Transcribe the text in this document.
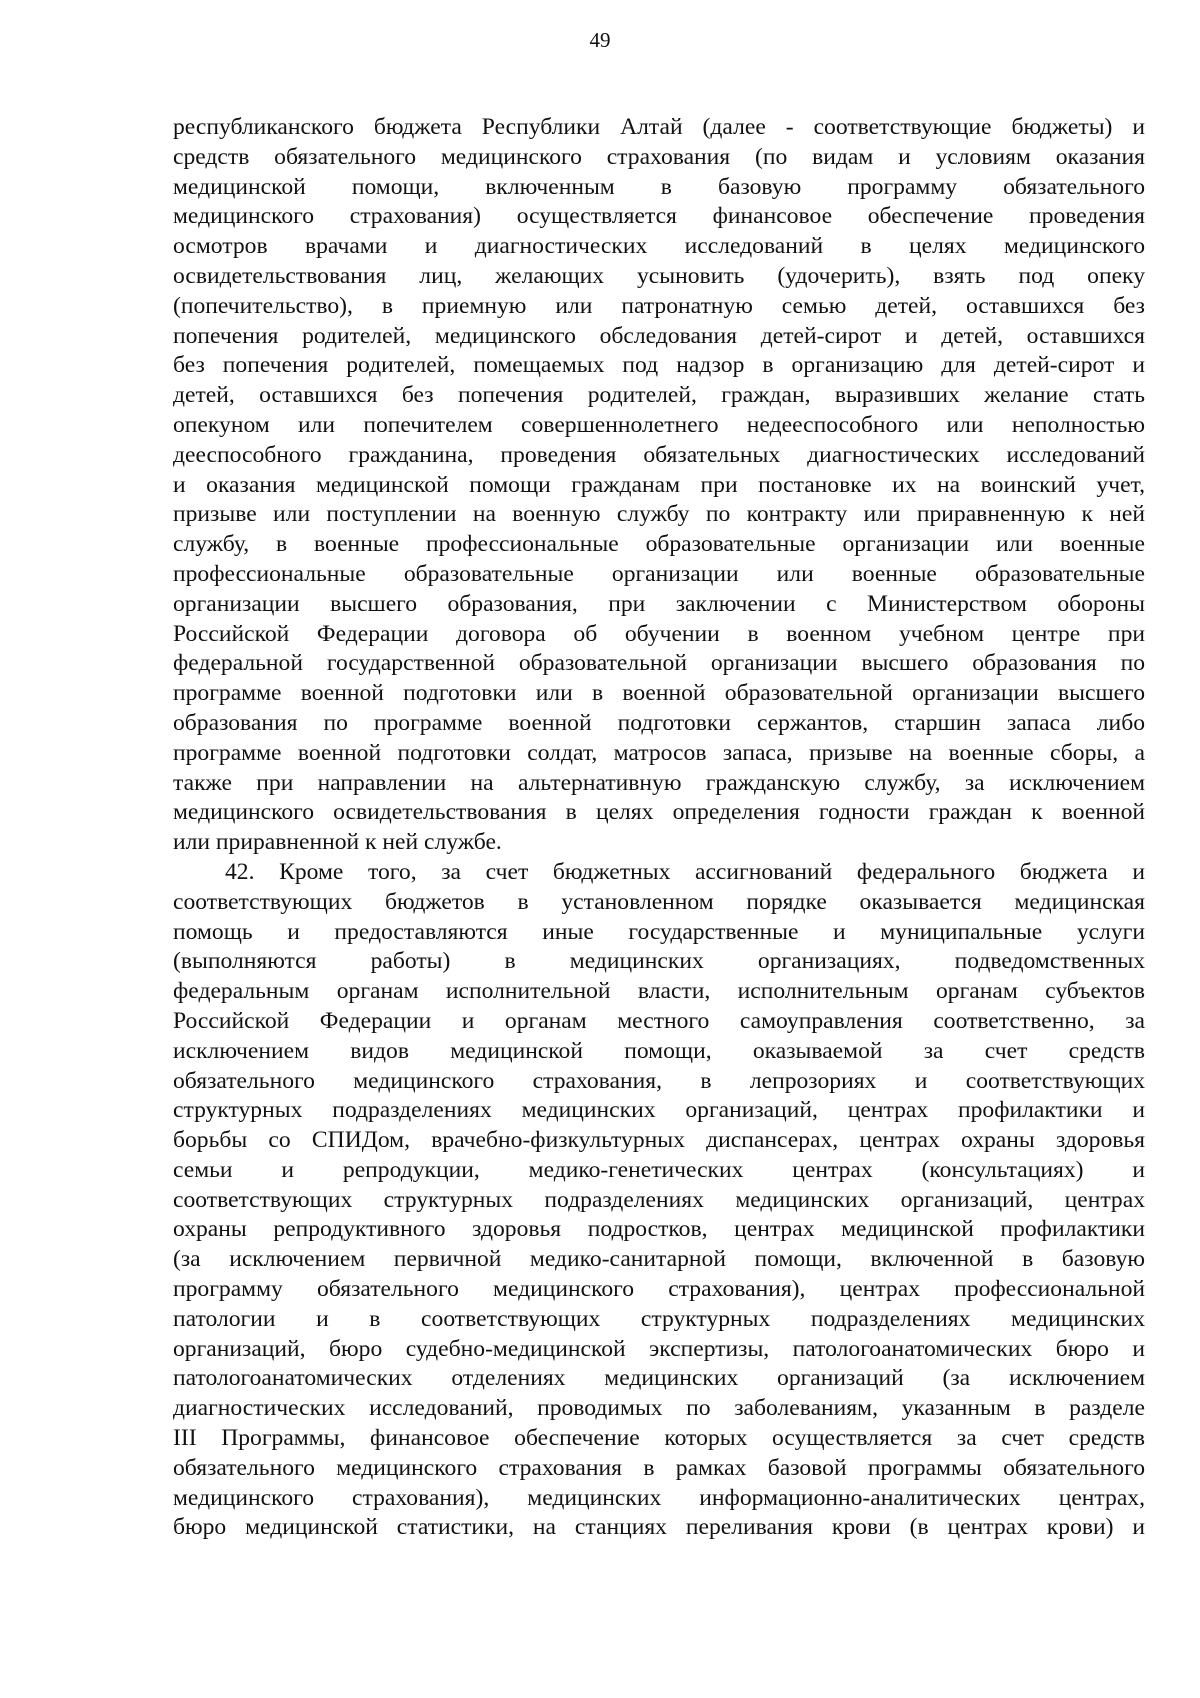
49
республиканского бюджета Республики Алтай (далее - соответствующие бюджеты) и
средств обязательного медицинского страхования (по видам и условиям оказания
медицинской помощи, включенным в базовую программу обязательного
медицинского страхования) осуществляется финансовое обеспечение проведения
осмотров врачами и диагностических исследований в целях медицинского
освидетельствования лиц, желающих усыновить (удочерить), взять под опеку
(попечительство), в приемную или патронатную семью детей, оставшихся без
попечения родителей, медицинского обследования детей-сирот и детей, оставшихся
без попечения родителей, помещаемых под надзор в организацию для детей-сирот и
детей, оставшихся без попечения родителей, граждан, выразивших желание стать
опекуном или попечителем совершеннолетнего недееспособного или неполностью
дееспособного гражданина, проведения обязательных диагностических исследований
и оказания медицинской помощи гражданам при постановке их на воинский учет,
призыве или поступлении на военную службу по контракту или приравненную к ней
службу, в военные профессиональные образовательные организации или военные
профессиональные образовательные организации или военные образовательные
организации высшего образования, при заключении с Министерством обороны
Российской Федерации договора об обучении в военном учебном центре при
федеральной государственной образовательной организации высшего образования по
программе военной подготовки или в военной образовательной организации высшего
образования по программе военной подготовки сержантов, старшин запаса либо
программе военной подготовки солдат, матросов запаса, призыве на военные сборы, а
также при направлении на альтернативную гражданскую службу, за исключением
медицинского освидетельствования в целях определения годности граждан к военной
или приравненной к ней службе.
42. Кроме того, за счет бюджетных ассигнований федерального бюджета и
соответствующих бюджетов в установленном порядке оказывается медицинская
помощь и предоставляются иные государственные и муниципальные услуги
(выполняются работы) в медицинских организациях, подведомственных
федеральным органам исполнительной власти, исполнительным органам субъектов
Российской Федерации и органам местного самоуправления соответственно, за
исключением видов медицинской помощи, оказываемой за счет средств
обязательного медицинского страхования, в лепрозориях и соответствующих
структурных подразделениях медицинских организаций, центрах профилактики и
борьбы со СПИДом, врачебно-физкультурных диспансерах, центрах охраны здоровья
семьи и репродукции, медико-генетических центрах (консультациях) и
соответствующих структурных подразделениях медицинских организаций, центрах
охраны репродуктивного здоровья подростков, центрах медицинской профилактики
(за исключением первичной медико-санитарной помощи, включенной в базовую
программу обязательного медицинского страхования), центрах профессиональной
патологии и в соответствующих структурных подразделениях медицинских
организаций, бюро судебно-медицинской экспертизы, патологоанатомических бюро и
патологоанатомических отделениях медицинских организаций (за исключением
диагностических исследований, проводимых по заболеваниям, указанным в разделе
III Программы, финансовое обеспечение которых осуществляется за счет средств
обязательного медицинского страхования в рамках базовой программы обязательного
медицинского страхования), медицинских информационно-аналитических центрах,
бюро медицинской статистики, на станциях переливания крови (в центрах крови) и
